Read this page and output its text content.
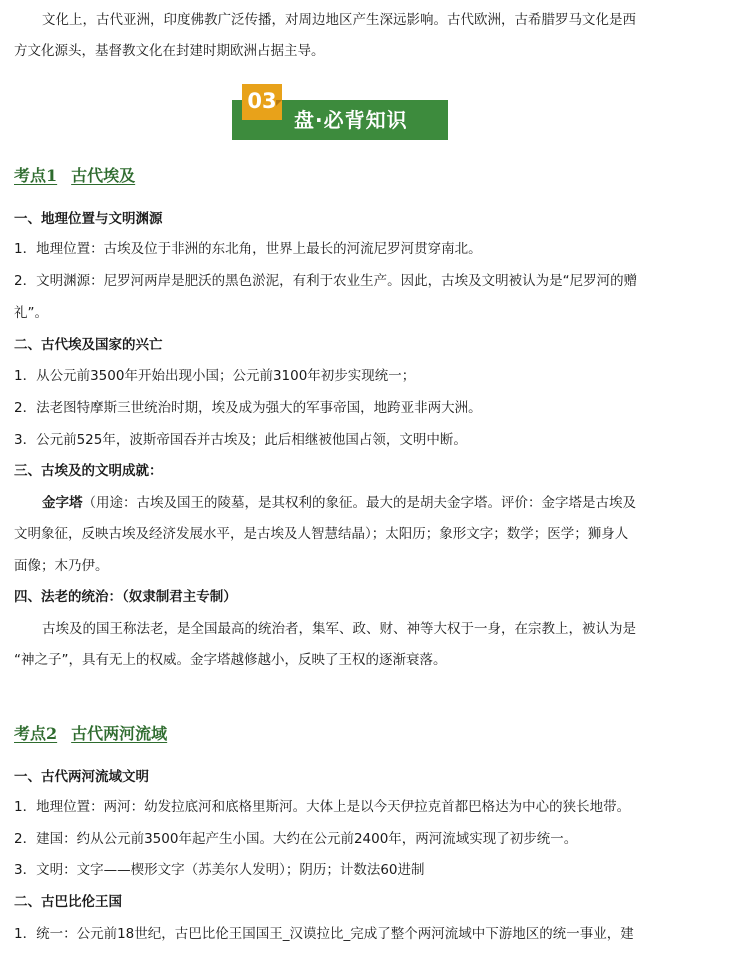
文化上，古代亚洲，印度佛教广泛传播，对周边地区产生深远影响。古代欧洲，古希腊罗马文化是西
方文化源头，基督教文化在封建时期欧洲占据主导。
03
盘·必背知识
考点1 古代埃及
一、地理位置与文明渊源
1．地理位置：古埃及位于非洲的东北角，世界上最长的河流尼罗河贯穿南北。
2．文明渊源：尼罗河两岸是肥沃的黑色淤泥，有利于农业生产。因此，古埃及文明被认为是“尼罗河的赠
礼”。
二、古代埃及国家的兴亡
1．从公元前3500年开始出现小国；公元前3100年初步实现统一；
2．法老图特摩斯三世统治时期，埃及成为强大的军事帝国，地跨亚非两大洲。
3．公元前525年，波斯帝国吞并古埃及；此后相继被他国占领，文明中断。
三、古埃及的文明成就：
金字塔（用途：古埃及国王的陵墓，是其权利的象征。最大的是胡夫金字塔。评价：金字塔是古埃及
文明象征，反映古埃及经济发展水平，是古埃及人智慧结晶）；太阳历；象形文字；数学；医学；狮身人
面像；木乃伊。
四、法老的统治：（奴隶制君主专制）
古埃及的国王称法老，是全国最高的统治者，集军、政、财、神等大权于一身，在宗教上，被认为是
“神之子”，具有无上的权威。金字塔越修越小，反映了王权的逐渐衰落。
考点2 古代两河流域
一、古代两河流域文明
1．地理位置：两河：幼发拉底河和底格里斯河。大体上是以今天伊拉克首都巴格达为中心的狭长地带。
2．建国：约从公元前3500年起产生小国。大约在公元前2400年，两河流域实现了初步统一。
3．文明：文字——楔形文字（苏美尔人发明）；阴历；计数法60进制
二、古巴比伦王国
1．统一：公元前18世纪，古巴比伦王国国王_汉谟拉比_完成了整个两河流域中下游地区的统一事业，建
